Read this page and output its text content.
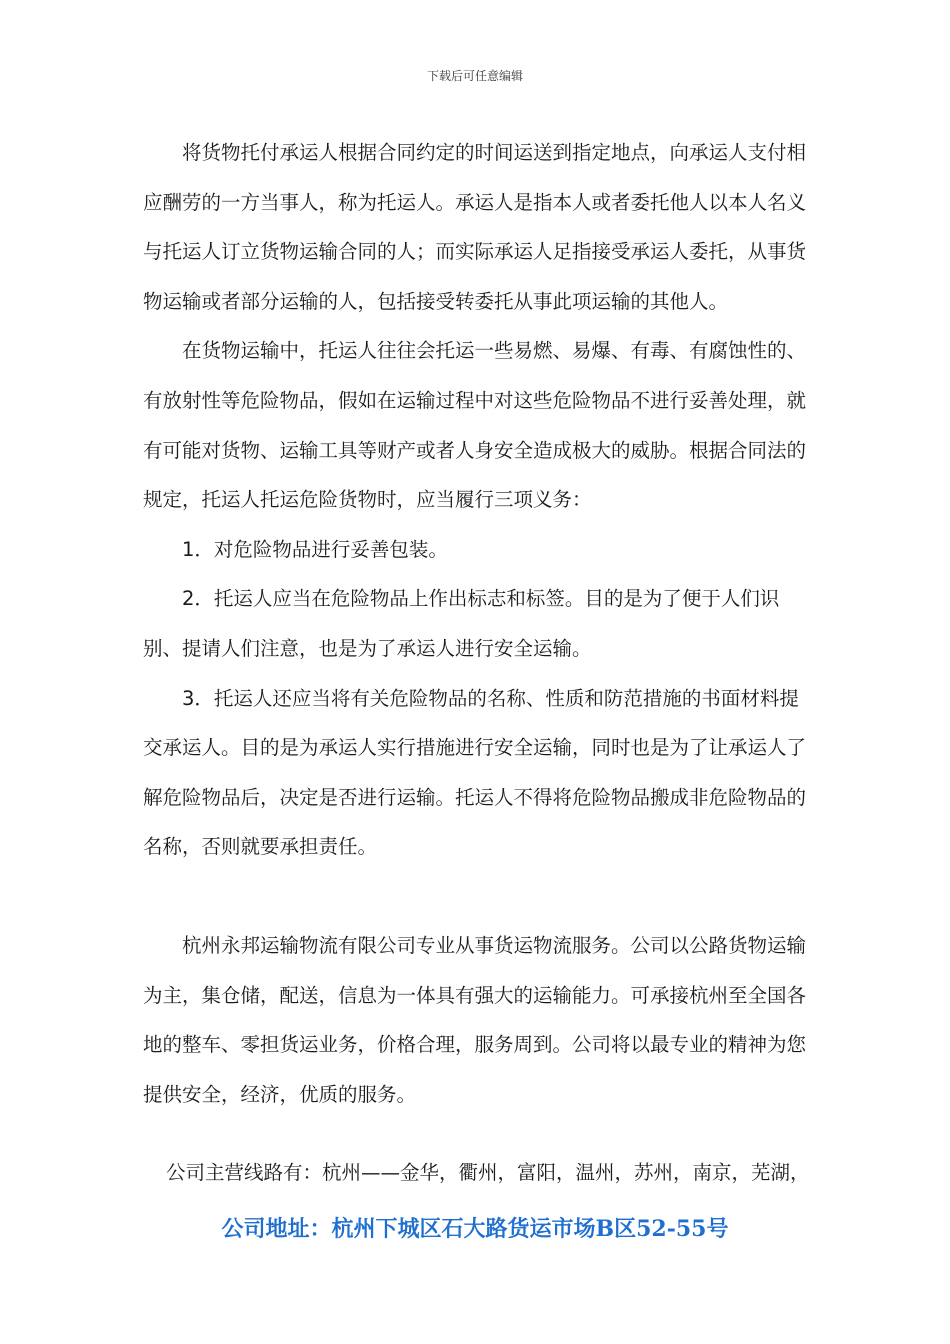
下载后可任意编辑

将货物托付承运人根据合同约定的时间运送到指定地点，向承运人支付相应酬劳的一方当事人，称为托运人。承运人是指本人或者委托他人以本人名义与托运人订立货物运输合同的人；而实际承运人足指接受承运人委托，从事货物运输或者部分运输的人，包括接受转委托从事此项运输的其他人。

在货物运输中，托运人往往会托运一些易燃、易爆、有毒、有腐蚀性的、有放射性等危险物品，假如在运输过程中对这些危险物品不进行妥善处理，就有可能对货物、运输工具等财产或者人身安全造成极大的威胁。根据合同法的规定，托运人托运危险货物时，应当履行三项义务：

1．对危险物品进行妥善包装。

2．托运人应当在危险物品上作出标志和标签。目的是为了便于人们识别、提请人们注意，也是为了承运人进行安全运输。

3．托运人还应当将有关危险物品的名称、性质和防范措施的书面材料提交承运人。目的是为承运人实行措施进行安全运输，同时也是为了让承运人了解危险物品后，决定是否进行运输。托运人不得将危险物品搬成非危险物品的名称，否则就要承担责任。

杭州永邦运输物流有限公司专业从事货运物流服务。公司以公路货物运输为主，集仓储，配送，信息为一体具有强大的运输能力。可承接杭州至全国各地的整车、零担货运业务，价格合理，服务周到。公司将以最专业的精神为您提供安全，经济，优质的服务。

公司主营线路有：杭州——金华，衢州，富阳，温州，苏州，南京，芜湖，
公司地址：杭州下城区石大路货运市场B区52-55号
